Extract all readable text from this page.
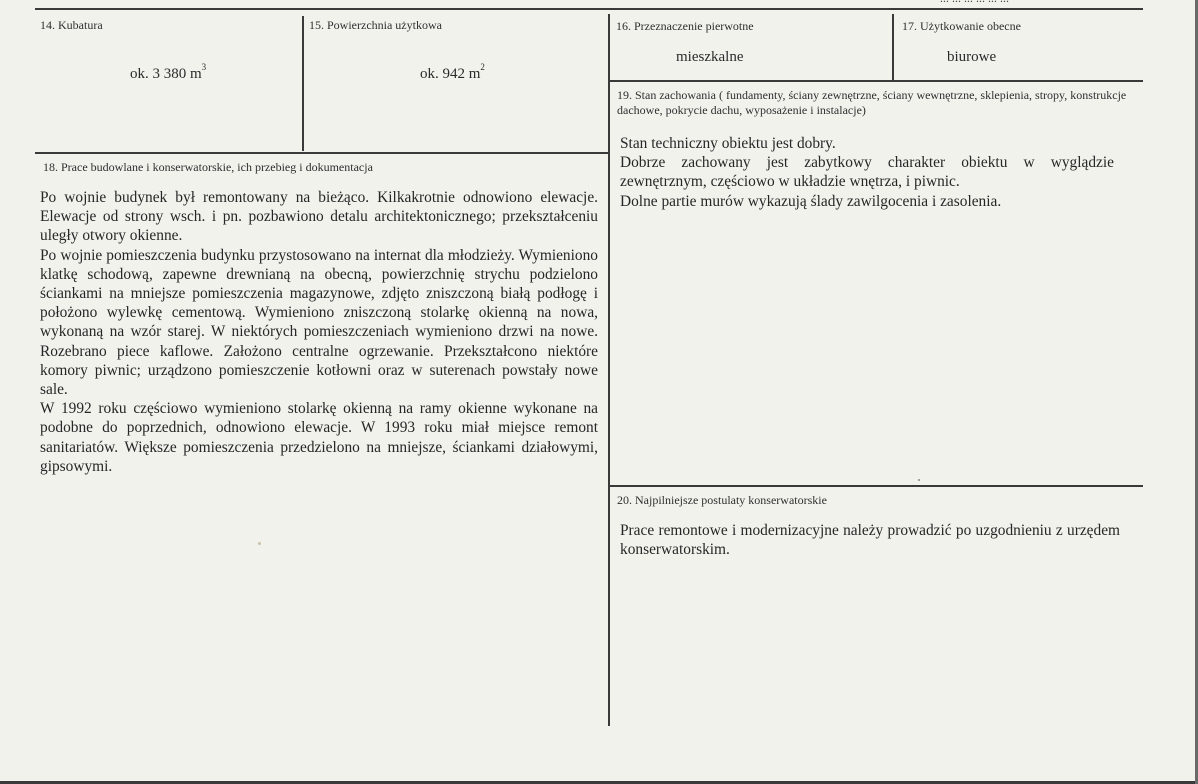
14. Kubatura
ok. 3 380 $m^3$
15. Powierzchnia użytkowa
ok. 942 $m^2$
16. Przeznaczenie pierwotne
mieszkalne
17. Użytkowanie obecne
biurowe
19. Stan zachowania ( fundamenty, ściany zewnętrzne, ściany wewnętrzne, sklepienia, stropy, konstrukcje dachowe, pokrycie dachu, wyposażenie i instalacje)

Stan techniczny obiektu jest dobry.

Dobrze zachowany jest zabytkowy charakter obiektu w wyglądzie zewnętrznym, częściowo w układzie wnętrza, i piwnic.

Dolne partie murów wykazują ślady zawilgocenia i zasolenia.

18. Prace budowlane i konserwatorskie, ich przebieg i dokumentacja

Po wojnie budynek był remontowany na bieżąco. Kilkakrotnie odnowiono elewacje. Elewacje od strony wsch. i pn. pozbawiono detalu architektonicznego; przekształceniu uległy otwory okienne.

Po wojnie pomieszczenia budynku przystosowano na internat dla młodzieży. Wymieniono klatkę schodową, zapewne drewnianą na obecną, powierzchnię strychu podzielono ściankami na mniejsze pomieszczenia magazynowe, zdjęto zniszczoną białą podłogę i położono wylewkę cementową. Wymieniono zniszczoną stolarkę okienną na nowa, wykonaną na wzór starej. W niektórych pomieszczeniach wymieniono drzwi na nowe. Rozebrano piece kaflowe. Założono centralne ogrzewanie. Przekształcono niektóre komory piwnic; urządzono pomieszczenie kotłowni oraz w suterenach powstały nowe sale.

W 1992 roku częściowo wymieniono stolarkę okienną na ramy okienne wykonane na podobne do poprzednich, odnowiono elewacje. W 1993 roku miał miejsce remont sanitariatów. Większe pomieszczenia przedzielono na mniejsze, ściankami działowymi, gipsowymi.

20. Najpilniejsze postulaty konserwatorskie

Prace remontowe i modernizacyjne należy prowadzić po uzgodnieniu z urzędem konserwatorskim.
